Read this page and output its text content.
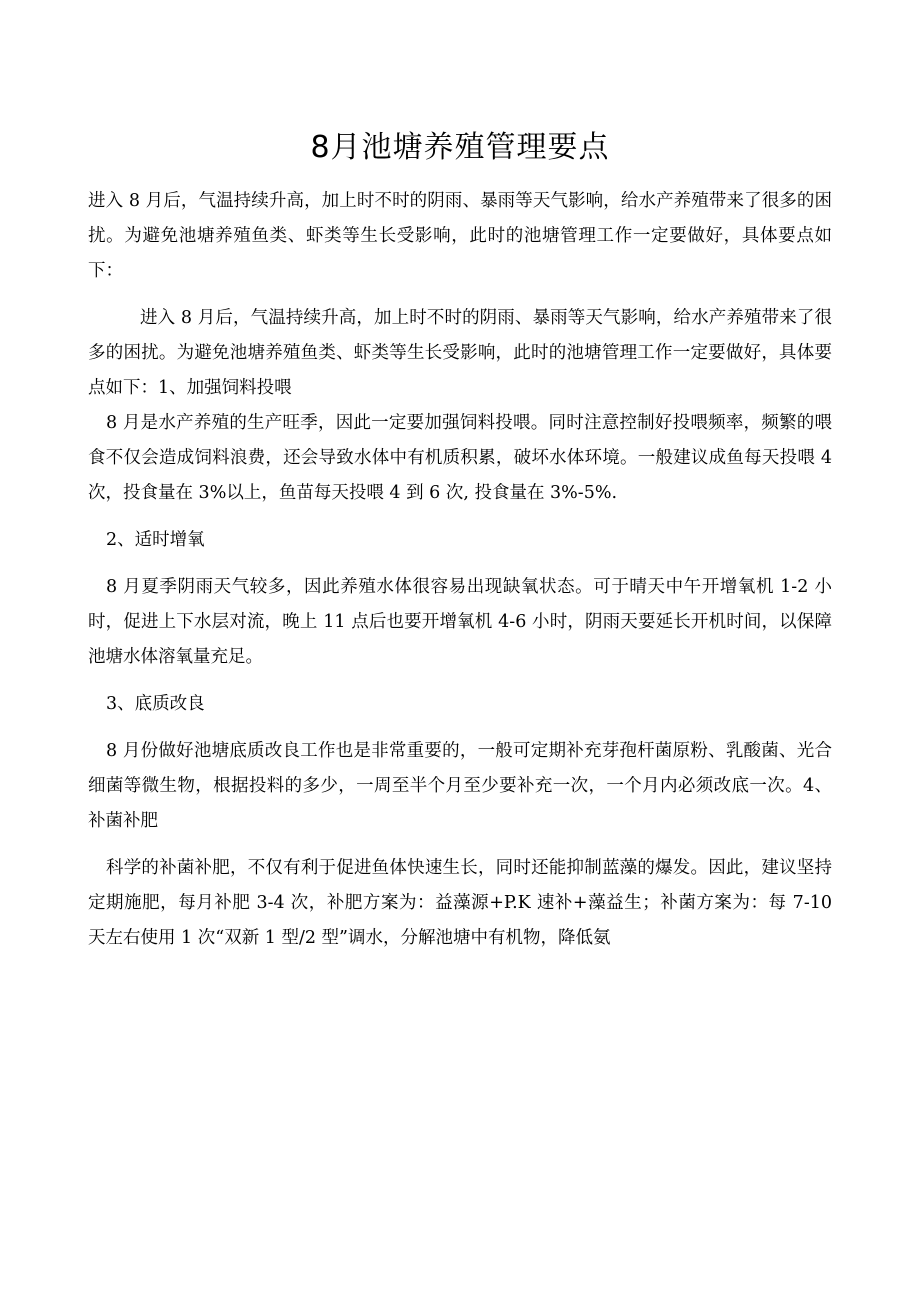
8月池塘养殖管理要点

进入 8 月后，气温持续升高，加上时不时的阴雨、暴雨等天气影响，给水产养殖带来了很多的困扰。为避免池塘养殖鱼类、虾类等生长受影响，此时的池塘管理工作一定要做好，具体要点如下：

进入 8 月后，气温持续升高，加上时不时的阴雨、暴雨等天气影响，给水产养殖带来了很多的困扰。为避免池塘养殖鱼类、虾类等生长受影响，此时的池塘管理工作一定要做好，具体要点如下：1、加强饲料投喂

8 月是水产养殖的生产旺季，因此一定要加强饲料投喂。同时注意控制好投喂频率，频繁的喂食不仅会造成饲料浪费，还会导致水体中有机质积累，破坏水体环境。一般建议成鱼每天投喂 4 次，投食量在 3%以上，鱼苗每天投喂 4 到 6 次, 投食量在 3%-5%.

2、适时增氧

8 月夏季阴雨天气较多，因此养殖水体很容易出现缺氧状态。可于晴天中午开增氧机 1-2 小时，促进上下水层对流，晚上 11 点后也要开增氧机 4-6 小时，阴雨天要延长开机时间，以保障池塘水体溶氧量充足。

3、底质改良

8 月份做好池塘底质改良工作也是非常重要的，一般可定期补充芽孢杆菌原粉、乳酸菌、光合细菌等微生物，根据投料的多少，一周至半个月至少要补充一次，一个月内必须改底一次。4、补菌补肥

科学的补菌补肥，不仅有利于促进鱼体快速生长，同时还能抑制蓝藻的爆发。因此，建议坚持定期施肥，每月补肥 3-4 次，补肥方案为：益藻源+P.K 速补+藻益生；补菌方案为：每 7-10 天左右使用 1 次“双新 1 型/2 型”调水，分解池塘中有机物，降低氨
